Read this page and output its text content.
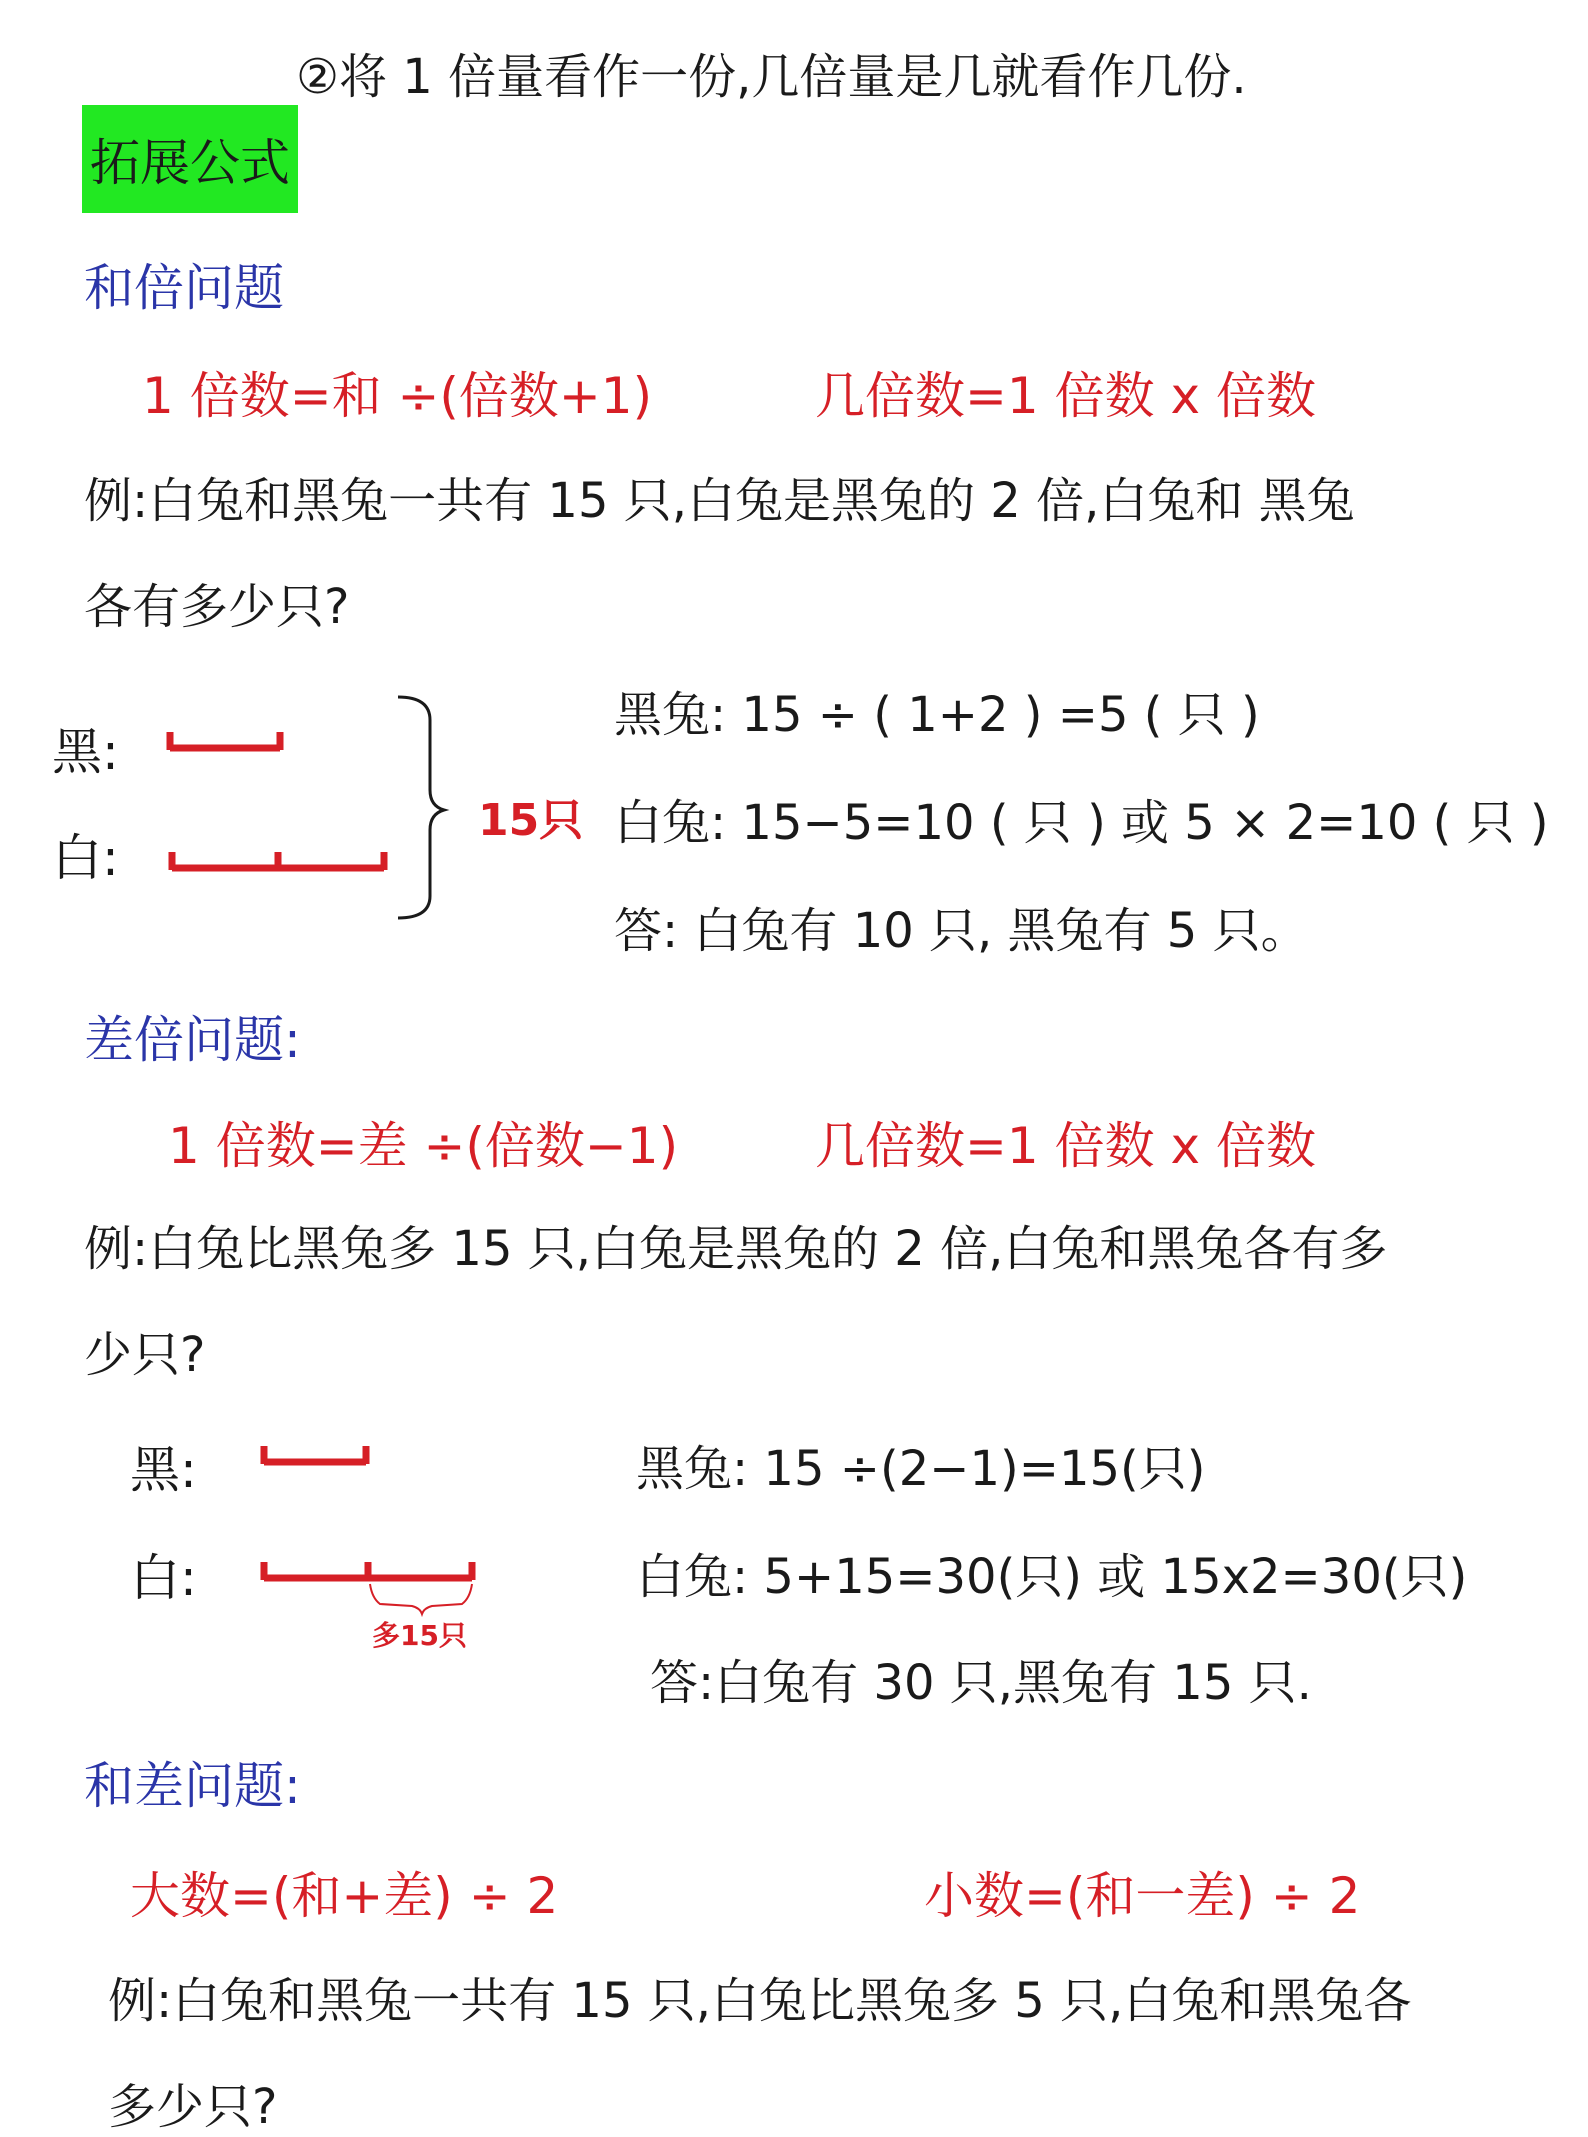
②将 1 倍量看作一份,几倍量是几就看作几份.
拓展公式
和倍问题
1 倍数=和 ÷(倍数+1)	几倍数=1 倍数 x 倍数
例:白兔和黑兔一共有 15 只,白兔是黑兔的 2 倍,白兔和 黑兔
各有多少只?
黑:
白:
15只
黑兔: 15 ÷ ( 1+2 ) =5 ( 只 )
白兔: 15−5=10 ( 只 ) 或 5 × 2=10 ( 只 )
答: 白兔有 10 只, 黑兔有 5 只。
差倍问题:
1 倍数=差 ÷(倍数−1)	几倍数=1 倍数 x 倍数
例:白兔比黑兔多 15 只,白兔是黑兔的 2 倍,白兔和黑兔各有多
少只?
黑:
白:
多15只
黑兔: 15 ÷(2−1)=15(只)
白兔: 5+15=30(只) 或 15x2=30(只)
答:白兔有 30 只,黑兔有 15 只.
和差问题:
大数=(和+差) ÷ 2	小数=(和一差) ÷ 2
例:白兔和黑兔一共有 15 只,白兔比黑兔多 5 只,白兔和黑兔各
多少只?
